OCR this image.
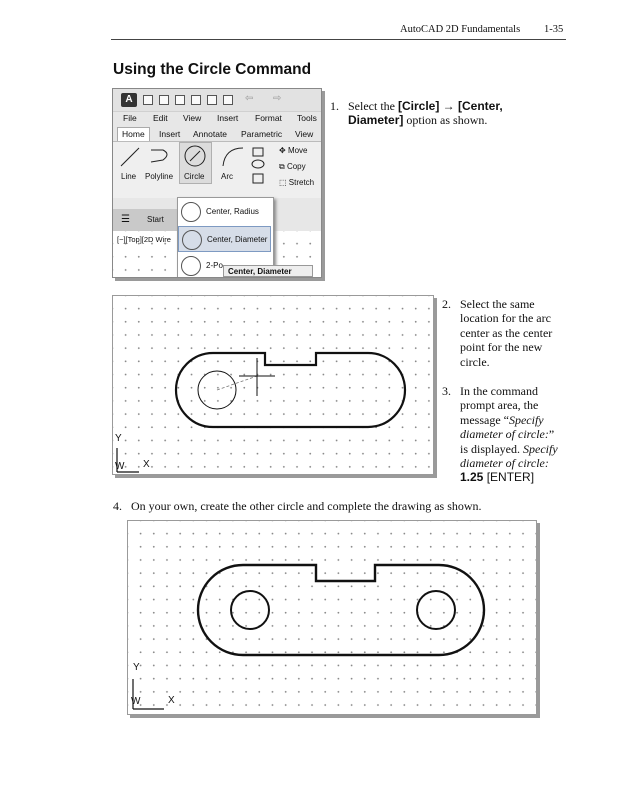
AutoCAD 2D Fundamentals 1-35
Using the Circle Command
A	⇦ ⇨
File Edit View Insert Format Tools
Home	Insert Annotate Parametric View
Line Polyline Circle Arc
✥ Move
⧉ Copy
⬚ Stretch
☰ Start
[−][Top][2D Wire
Center, Radius
Center, Diameter
2-Po
Center, Diameter
1. Select the [Circle] → [Center,
Diameter] option as shown.
Y
W X
2. Select the same
location for the arc
center as the center
point for the new
circle.
3. In the command
prompt area, the
message “Specify
diameter of circle:”
is displayed. Specify
diameter of circle:
1.25 [ENTER]
4. On your own, create the other circle and complete the drawing as shown.
Y
W	X
